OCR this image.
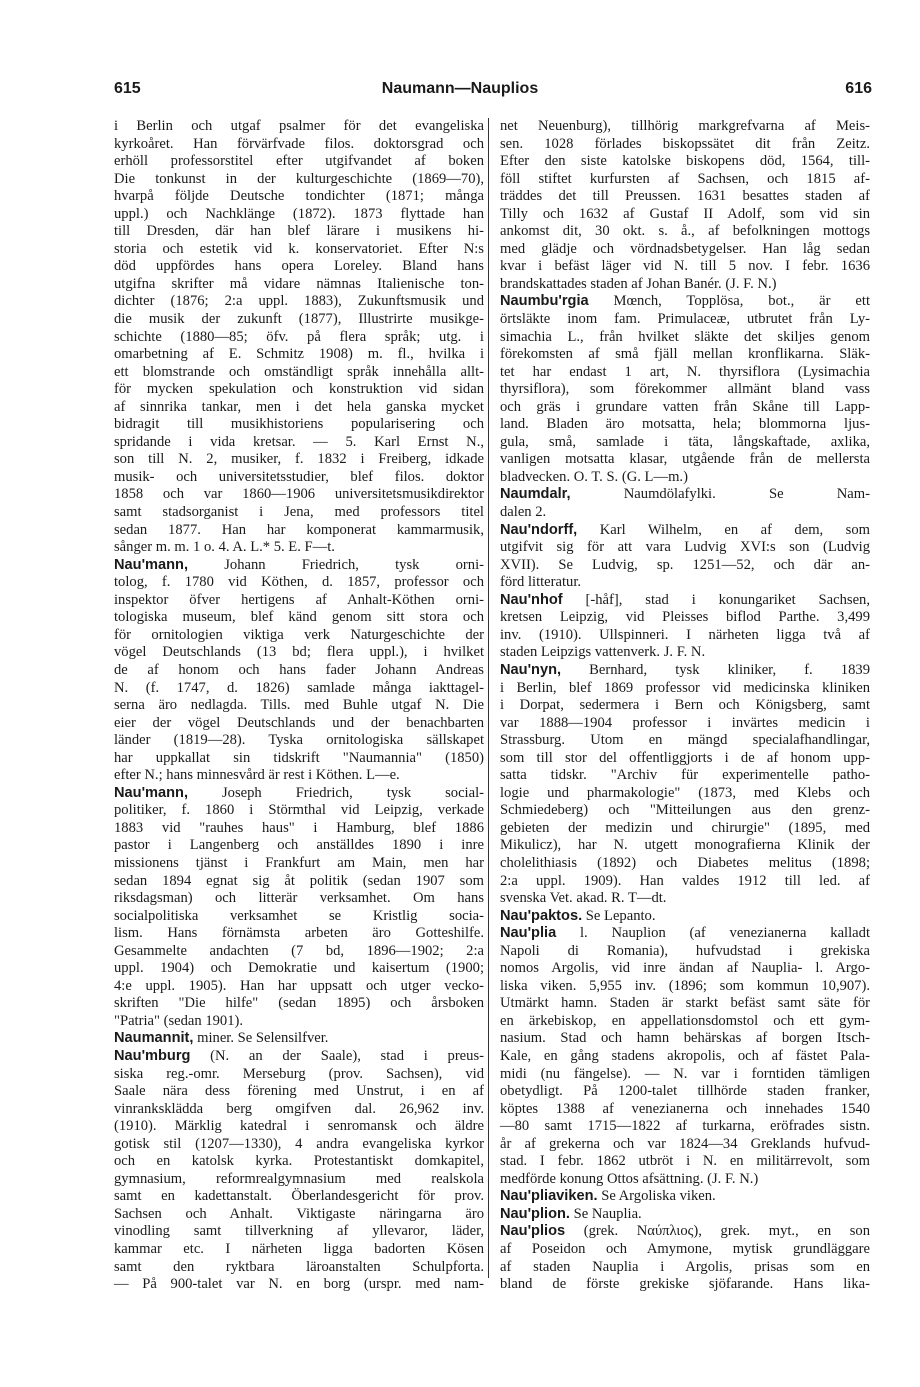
615	Naumann—Nauplios	616
i Berlin och utgaf psalmer för det evangeliska
kyrkoåret. Han förvärfvade filos. doktorsgrad och
erhöll professorstitel efter utgifvandet af boken
Die tonkunst in der kulturgeschichte (1869—70),
hvarpå följde Deutsche tondichter (1871; många
uppl.) och Nachklänge (1872). 1873 flyttade han
till Dresden, där han blef lärare i musikens hi-
storia och estetik vid k. konservatoriet. Efter N:s
död uppfördes hans opera Loreley. Bland hans
utgifna skrifter må vidare nämnas Italienische ton-
dichter (1876; 2:a uppl. 1883), Zukunftsmusik und
die musik der zukunft (1877), Illustrirte musikge-
schichte (1880—85; öfv. på flera språk; utg. i
omarbetning af E. Schmitz 1908) m. fl., hvilka i
ett blomstrande och omständligt språk innehålla allt-
för mycken spekulation och konstruktion vid sidan
af sinnrika tankar, men i det hela ganska mycket
bidragit till musikhistoriens popularisering och
spridande i vida kretsar. — 5. Karl Ernst N.,
son till N. 2, musiker, f. 1832 i Freiberg, idkade
musik- och universitetsstudier, blef filos. doktor
1858 och var 1860—1906 universitetsmusikdirektor
samt stadsorganist i Jena, med professors titel
sedan 1877. Han har komponerat kammarmusik,
sånger m. m. 1 o. 4. A. L.* 5. E. F—t.
Nau'mann, Johann Friedrich, tysk orni-
tolog, f. 1780 vid Köthen, d. 1857, professor och
inspektor öfver hertigens af Anhalt-Köthen orni-
tologiska museum, blef känd genom sitt stora och
för ornitologien viktiga verk Naturgeschichte der
vögel Deutschlands (13 bd; flera uppl.), i hvilket
de af honom och hans fader Johann Andreas
N. (f. 1747, d. 1826) samlade många iakttagel-
serna äro nedlagda. Tills. med Buhle utgaf N. Die
eier der vögel Deutschlands und der benachbarten
länder (1819—28). Tyska ornitologiska sällskapet
har uppkallat sin tidskrift "Naumannia" (1850)
efter N.; hans minnesvård är rest i Köthen. L—e.
Nau'mann, Joseph Friedrich, tysk social-
politiker, f. 1860 i Störmthal vid Leipzig, verkade
1883 vid "rauhes haus" i Hamburg, blef 1886
pastor i Langenberg och anställdes 1890 i inre
missionens tjänst i Frankfurt am Main, men har
sedan 1894 egnat sig åt politik (sedan 1907 som
riksdagsman) och litterär verksamhet. Om hans
socialpolitiska verksamhet se Kristlig socia-
lism. Hans förnämsta arbeten äro Gotteshilfe.
Gesammelte andachten (7 bd, 1896—1902; 2:a
uppl. 1904) och Demokratie und kaisertum (1900;
4:e uppl. 1905). Han har uppsatt och utger vecko-
skriften "Die hilfe" (sedan 1895) och årsboken
"Patria" (sedan 1901).
Naumannit, miner. Se Selensilfver.
Nau'mburg (N. an der Saale), stad i preus-
siska reg.-omr. Merseburg (prov. Sachsen), vid
Saale nära dess förening med Unstrut, i en af
vinranksklädda berg omgifven dal. 26,962 inv.
(1910). Märklig katedral i senromansk och äldre
gotisk stil (1207—1330), 4 andra evangeliska kyrkor
och en katolsk kyrka. Protestantiskt domkapitel,
gymnasium, reformrealgymnasium med realskola
samt en kadettanstalt. Öberlandesgericht för prov.
Sachsen och Anhalt. Viktigaste näringarna äro
vinodling samt tillverkning af yllevaror, läder,
kammar etc. I närheten ligga badorten Kösen
samt den ryktbara läroanstalten Schulpforta.
— På 900-talet var N. en borg (urspr. med nam-
net Neuenburg), tillhörig markgrefvarna af Meis-
sen. 1028 förlades biskopssätet dit från Zeitz.
Efter den siste katolske biskopens död, 1564, till-
föll stiftet kurfursten af Sachsen, och 1815 af-
träddes det till Preussen. 1631 besattes staden af
Tilly och 1632 af Gustaf II Adolf, som vid sin
ankomst dit, 30 okt. s. å., af befolkningen mottogs
med glädje och vördnadsbetygelser. Han låg sedan
kvar i befäst läger vid N. till 5 nov. I febr. 1636
brandskattades staden af Johan Banér. (J. F. N.)
Naumbu'rgia Mœnch, Topplösa, bot., är ett
örtsläkte inom fam. Primulaceæ, utbrutet från Ly-
simachia L., från hvilket släkte det skiljes genom
förekomsten af små fjäll mellan kronflikarna. Släk-
tet har endast 1 art, N. thyrsiflora (Lysimachia
thyrsiflora), som förekommer allmänt bland vass
och gräs i grundare vatten från Skåne till Lapp-
land. Bladen äro motsatta, hela; blommorna ljus-
gula, små, samlade i täta, långskaftade, axlika,
vanligen motsatta klasar, utgående från de mellersta
bladvecken. O. T. S. (G. L—m.)
Naumdalr, Naumdölafylki. Se Nam-
dalen 2.
Nau'ndorff, Karl Wilhelm, en af dem, som
utgifvit sig för att vara Ludvig XVI:s son (Ludvig
XVII). Se Ludvig, sp. 1251—52, och där an-
förd litteratur.
Nau'nhof [-håf], stad i konungariket Sachsen,
kretsen Leipzig, vid Pleisses biflod Parthe. 3,499
inv. (1910). Ullspinneri. I närheten ligga två af
staden Leipzigs vattenverk. J. F. N.
Nau'nyn, Bernhard, tysk kliniker, f. 1839
i Berlin, blef 1869 professor vid medicinska kliniken
i Dorpat, sedermera i Bern och Königsberg, samt
var 1888—1904 professor i invärtes medicin i
Strassburg. Utom en mängd specialafhandlingar,
som till stor del offentliggjorts i de af honom upp-
satta tidskr. "Archiv für experimentelle patho-
logie und pharmakologie" (1873, med Klebs och
Schmiedeberg) och "Mitteilungen aus den grenz-
gebieten der medizin und chirurgie" (1895, med
Mikulicz), har N. utgett monografierna Klinik der
cholelithiasis (1892) och Diabetes melitus (1898;
2:a uppl. 1909). Han valdes 1912 till led. af
svenska Vet. akad. R. T—dt.
Nau'paktos. Se Lepanto.
Nau'plia l. Nauplion (af venezianerna kalladt
Napoli di Romania), hufvudstad i grekiska
nomos Argolis, vid inre ändan af Nauplia- l. Argo-
liska viken. 5,955 inv. (1896; som kommun 10,907).
Utmärkt hamn. Staden är starkt befäst samt säte för
en ärkebiskop, en appellationsdomstol och ett gym-
nasium. Stad och hamn behärskas af borgen Itsch-
Kale, en gång stadens akropolis, och af fästet Pala-
midi (nu fängelse). — N. var i forntiden tämligen
obetydligt. På 1200-talet tillhörde staden franker,
köptes 1388 af venezianerna och innehades 1540
—80 samt 1715—1822 af turkarna, eröfrades sistn.
år af grekerna och var 1824—34 Greklands hufvud-
stad. I febr. 1862 utbröt i N. en militärrevolt, som
medförde konung Ottos afsättning. (J. F. N.)
Nau'pliaviken. Se Argoliska viken.
Nau'plion. Se Nauplia.
Nau'plios (grek. Ναύπλιος), grek. myt., en son
af Poseidon och Amymone, mytisk grundläggare
af staden Nauplia i Argolis, prisas som en
bland de förste grekiske sjöfarande. Hans lika-
